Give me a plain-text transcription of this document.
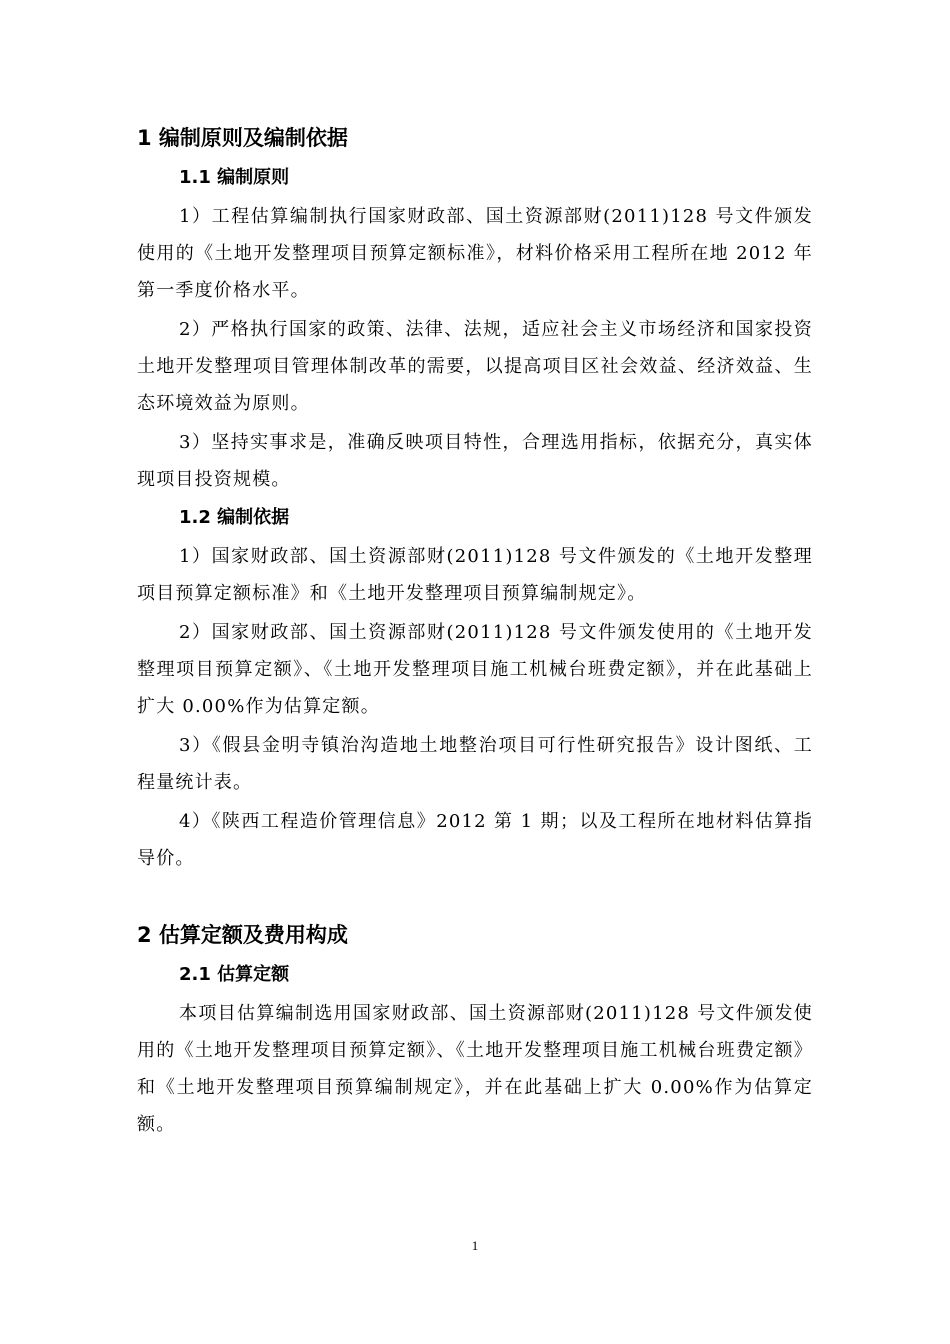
1 编制原则及编制依据
1.1 编制原则

1）工程估算编制执行国家财政部、国土资源部财(2011)128 号文件颁发使用的《土地开发整理项目预算定额标准》，材料价格采用工程所在地 2012 年第一季度价格水平。

2）严格执行国家的政策、法律、法规，适应社会主义市场经济和国家投资土地开发整理项目管理体制改革的需要，以提高项目区社会效益、经济效益、生态环境效益为原则。

3）坚持实事求是，准确反映项目特性，合理选用指标，依据充分，真实体现项目投资规模。

1.2 编制依据

1）国家财政部、国土资源部财(2011)128 号文件颁发的《土地开发整理项目预算定额标准》和《土地开发整理项目预算编制规定》。

2）国家财政部、国土资源部财(2011)128 号文件颁发使用的《土地开发整理项目预算定额》、《土地开发整理项目施工机械台班费定额》，并在此基础上扩大 0.00%作为估算定额。

3）《假县金明寺镇治沟造地土地整治项目可行性研究报告》设计图纸、工程量统计表。

4）《陕西工程造价管理信息》2012 第 1 期；以及工程所在地材料估算指导价。

2 估算定额及费用构成
2.1 估算定额

本项目估算编制选用国家财政部、国土资源部财(2011)128 号文件颁发使用的《土地开发整理项目预算定额》、《土地开发整理项目施工机械台班费定额》和《土地开发整理项目预算编制规定》，并在此基础上扩大 0.00%作为估算定额。

1
